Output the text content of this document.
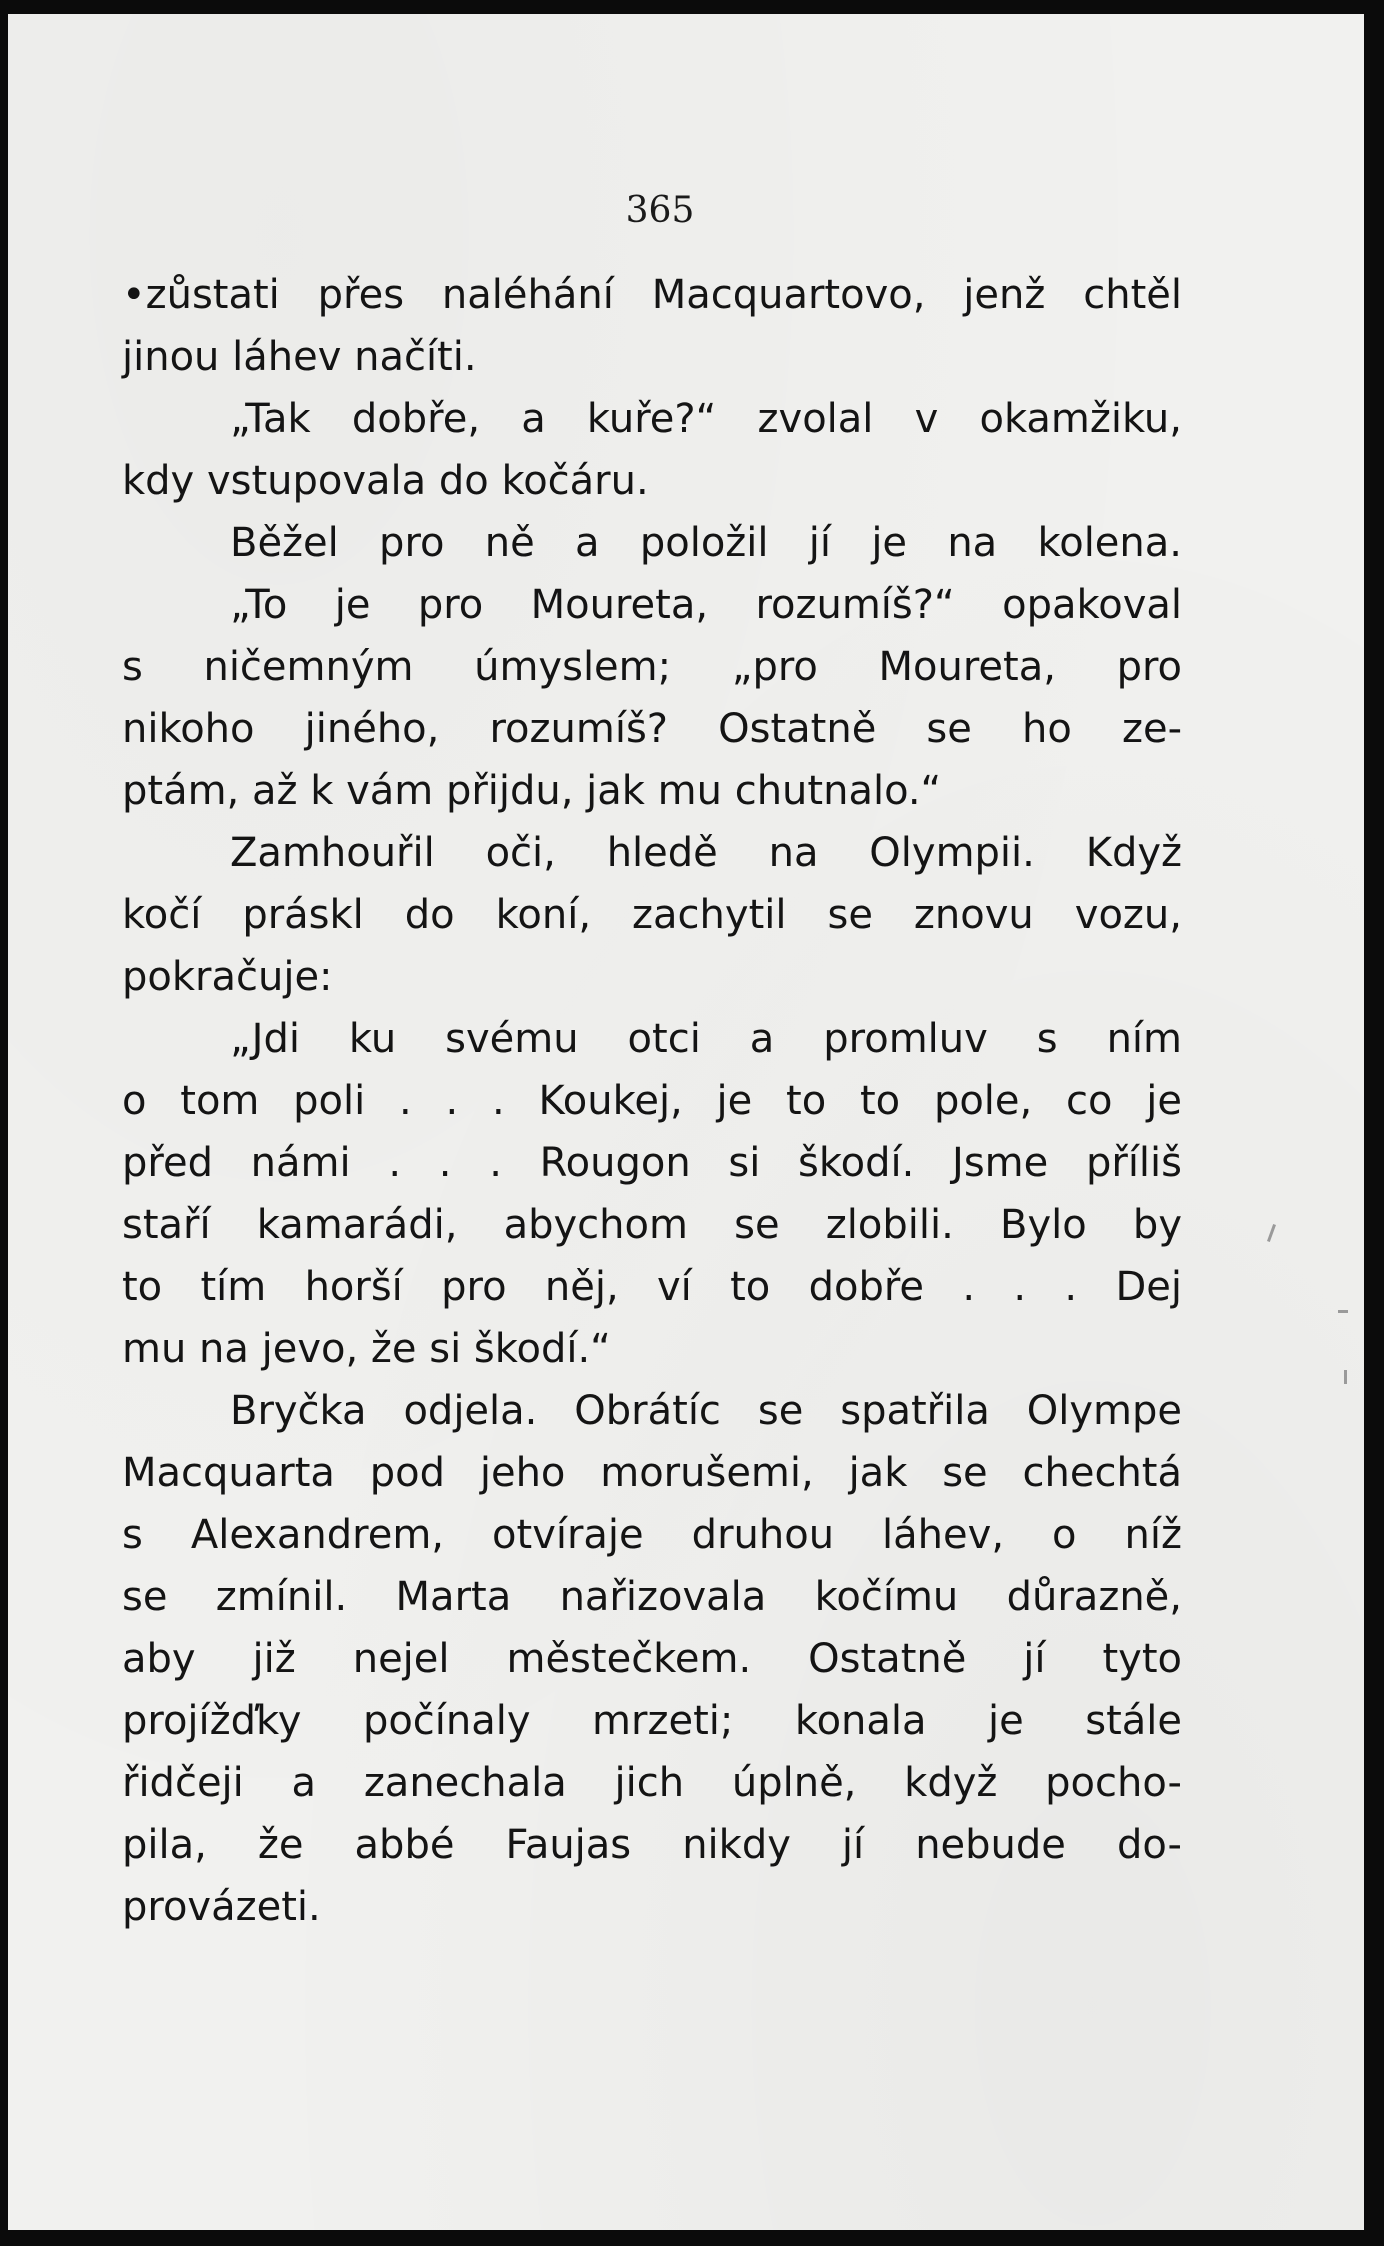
365
•zůstati přes naléhání Macquartovo, jenž chtěl
jinou láhev načíti.
„Tak dobře, a kuře?“ zvolal v okamžiku,
kdy vstupovala do kočáru.
Běžel pro ně a položil jí je na kolena.
„To je pro Moureta, rozumíš?“ opakoval
s ničemným úmyslem; „pro Moureta, pro
nikoho jiného, rozumíš? Ostatně se ho ze-
ptám, až k vám přijdu, jak mu chutnalo.“
Zamhouřil oči, hledě na Olympii. Když
kočí práskl do koní, zachytil se znovu vozu,
pokračuje:
„Jdi ku svému otci a promluv s ním
o tom poli . . . Koukej, je to to pole, co je
před námi . . . Rougon si škodí. Jsme příliš
staří kamarádi, abychom se zlobili. Bylo by
to tím horší pro něj, ví to dobře . . . Dej
mu na jevo, že si škodí.“
Bryčka odjela. Obrátíc se spatřila Olympe
Macquarta pod jeho morušemi, jak se chechtá
s Alexandrem, otvíraje druhou láhev, o níž
se zmínil. Marta nařizovala kočímu důrazně,
aby již nejel městečkem. Ostatně jí tyto
projížďky počínaly mrzeti; konala je stále
řidčeji a zanechala jich úplně, když pocho-
pila, že abbé Faujas nikdy jí nebude do-
provázeti.
